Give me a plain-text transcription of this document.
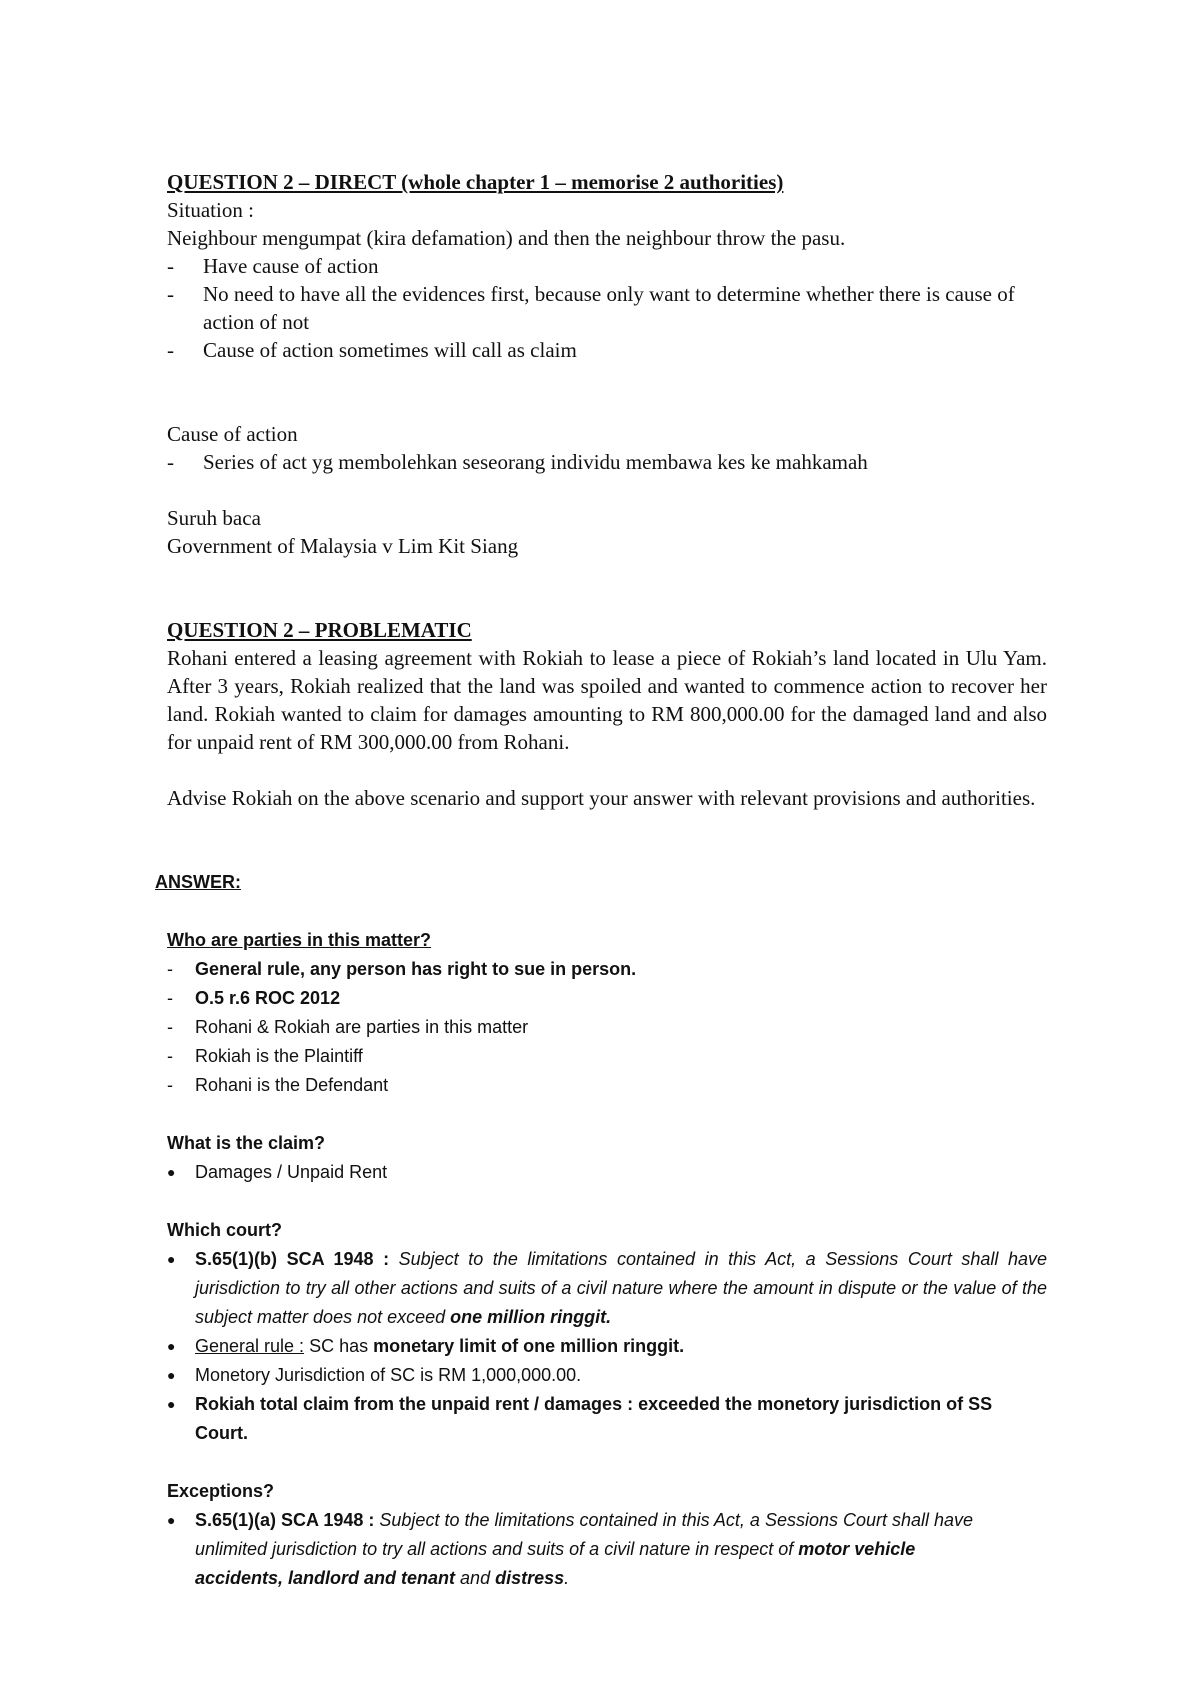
QUESTION 2 – DIRECT (whole chapter 1 – memorise 2 authorities)

Situation :

Neighbour mengumpat (kira defamation) and then the neighbour throw the pasu.

-	Have cause of action
-	No need to have all the evidences first, because only want to determine whether there is cause of action of not
-	Cause of action sometimes will call as claim

Cause of action

-	Series of act yg membolehkan seseorang individu membawa kes ke mahkamah

Suruh baca

Government of Malaysia v Lim Kit Siang

QUESTION 2 – PROBLEMATIC

Rohani entered a leasing agreement with Rokiah to lease a piece of Rokiah’s land located in Ulu Yam. After 3 years, Rokiah realized that the land was spoiled and wanted to commence action to recover her land. Rokiah wanted to claim for damages amounting to RM 800,000.00 for the damaged land and also for unpaid rent of RM 300,000.00 from Rohani.

Advise Rokiah on the above scenario and support your answer with relevant provisions and authorities.

ANSWER:

Who are parties in this matter?

-	General rule, any person has right to sue in person.
-	O.5 r.6 ROC 2012
-	Rohani & Rokiah are parties in this matter
-	Rokiah is the Plaintiff
-	Rohani is the Defendant

What is the claim?

●	Damages / Unpaid Rent

Which court?

●	S.65(1)(b) SCA 1948 : Subject to the limitations contained in this Act, a Sessions Court shall have jurisdiction to try all other actions and suits of a civil nature where the amount in dispute or the value of the subject matter does not exceed one million ringgit.
●	General rule : SC has monetary limit of one million ringgit.
●	Monetory Jurisdiction of SC is RM 1,000,000.00.
●	Rokiah total claim from the unpaid rent / damages : exceeded the monetory jurisdiction of SS Court.

Exceptions?

●	S.65(1)(a) SCA 1948 : Subject to the limitations contained in this Act, a Sessions Court shall have unlimited jurisdiction to try all actions and suits of a civil nature in respect of motor vehicle accidents, landlord and tenant and distress.
